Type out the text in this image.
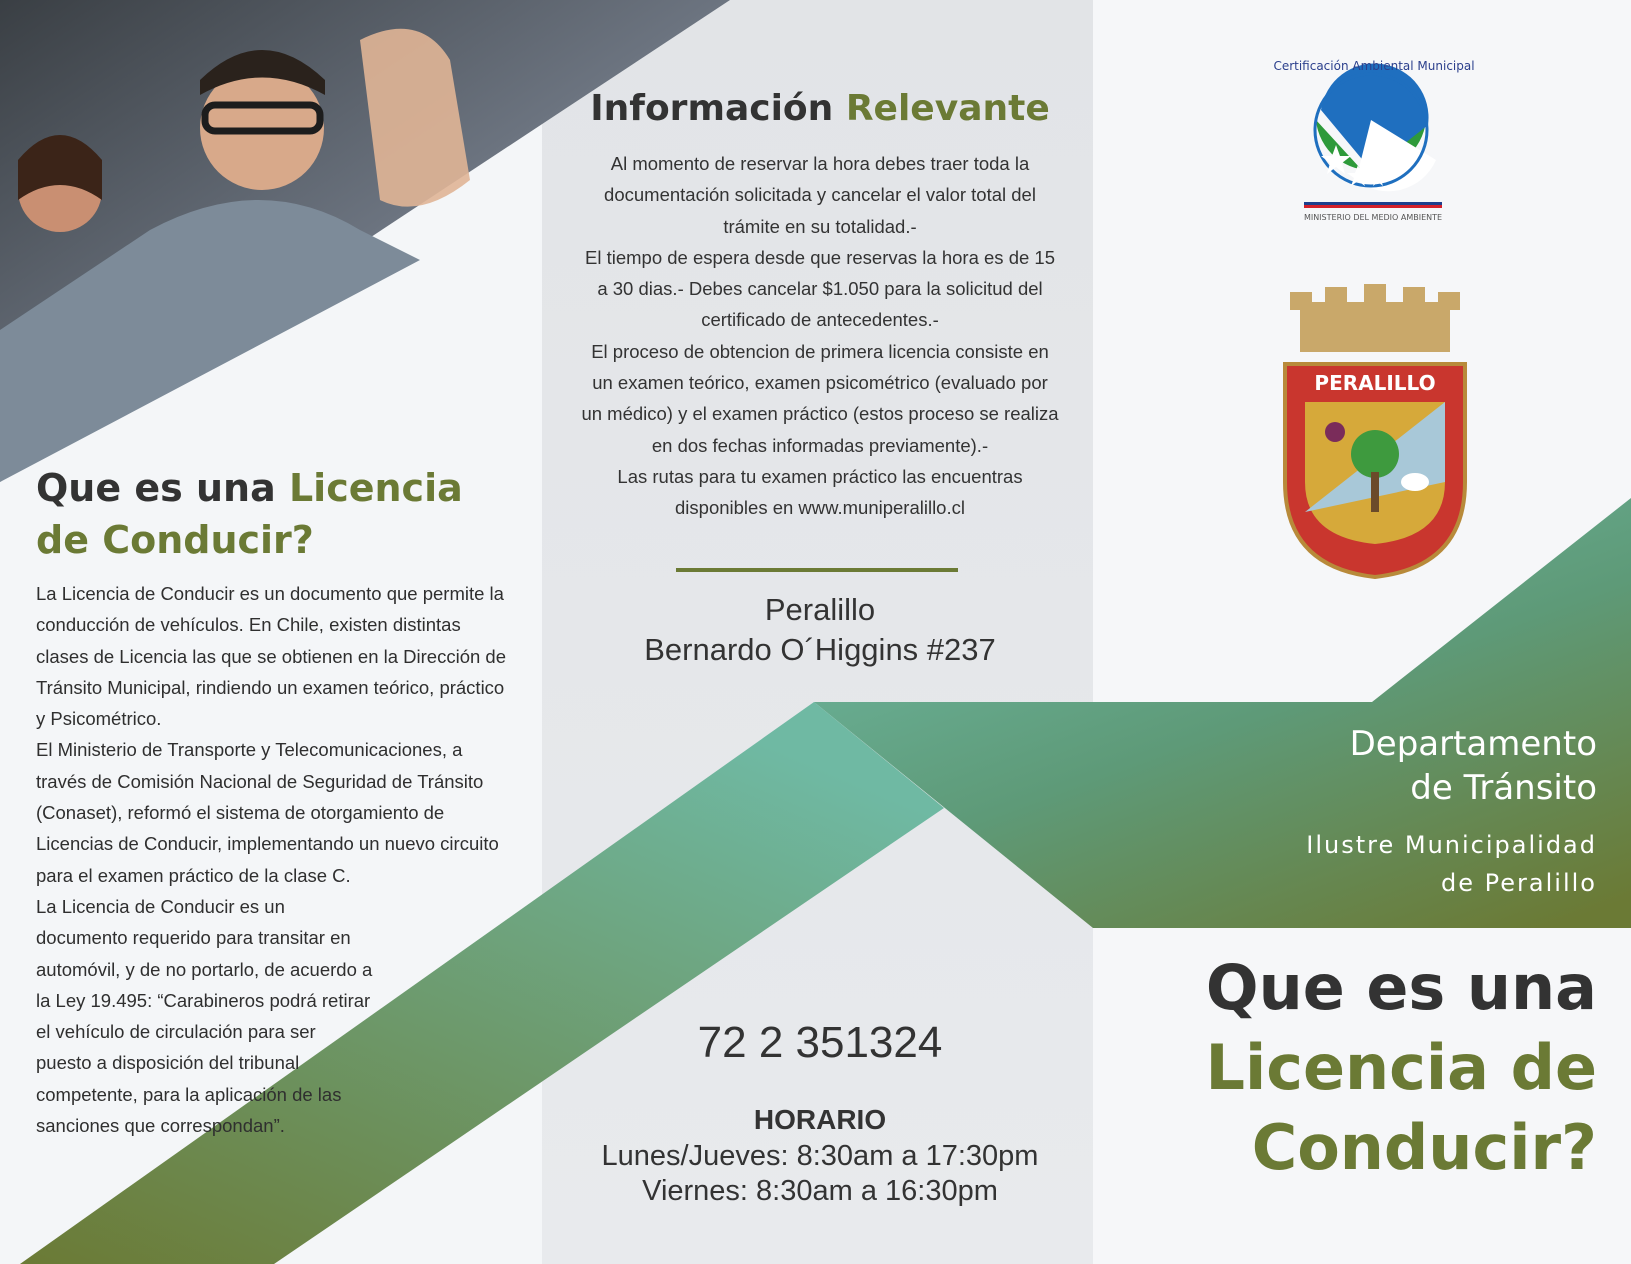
Que es una Licencia de Conducir?

La Licencia de Conducir es un documento que permite la conducción de vehículos. En Chile, existen distintas clases de Licencia las que se obtienen en la Dirección de Tránsito Municipal, rindiendo un examen teórico, práctico y Psicométrico.

El Ministerio de Transporte y Telecomunicaciones, a través de Comisión Nacional de Seguridad de Tránsito (Conaset), reformó el sistema de otorgamiento de Licencias de Conducir, implementando un nuevo circuito para el examen práctico de la clase C.

La Licencia de Conducir es un documento requerido para transitar en automóvil, y de no portarlo, de acuerdo a la Ley 19.495: “Carabineros podrá retirar el vehículo de circulación para ser puesto a disposición del tribunal competente, para la aplicación de las sanciones que correspondan”.

Información Relevante

Al momento de reservar la hora debes traer toda la documentación solicitada y cancelar el valor total del trámite en su totalidad.-

El tiempo de espera desde que reservas la hora es de 15 a 30 dias.- Debes cancelar $1.050 para la solicitud del certificado de antecedentes.-

El proceso de obtencion de primera licencia consiste en un examen teórico, examen psicométrico (evaluado por un médico) y el examen práctico (estos proceso se realiza en dos fechas informadas previamente).-

Las rutas para tu examen práctico las encuentras disponibles en www.muniperalillo.cl

Peralillo
Bernardo O´Higgins #237
72 2 351324
HORARIO
Lunes/Jueves: 8:30am a 17:30pm
Viernes: 8:30am a 16:30pm
Certificación Ambiental Municipal
MINISTERIO DEL MEDIO AMBIENTE
PERALILLO
Departamento
de Tránsito
Ilustre Municipalidad
de Peralillo
Que es una
Licencia de
Conducir?
